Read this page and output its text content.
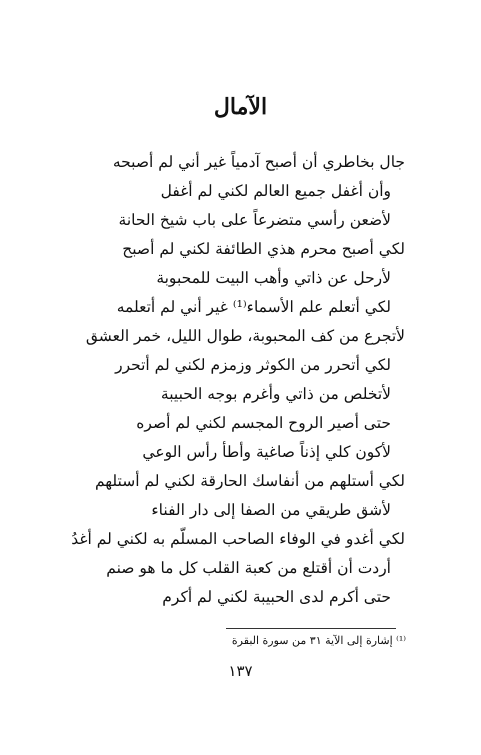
الآمال
جال بخاطري أن أصبح آدمياً غير أني لم أصبحه
وأن أغفل جميع العالم لكني لم أغفل
لأضعن رأسي متضرعاً على باب شيخ الحانة
لكي أصبح محرم هذي الطائفة لكني لم أصبح
لأرحل عن ذاتي وأهب البيت للمحبوبة
لكي أتعلم علم الأسماء⁽¹⁾ غير أني لم أتعلمه
لأتجرع من كف المحبوبة، طوال الليل، خمر العشق
لكي أتحرر من الكوثر وزمزم لكني لم أتحرر
لأتخلص من ذاتي وأغرم بوجه الحبيبة
حتى أصير الروح المجسم لكني لم أصره
لأكون كلي إذناً صاغية وأطأ رأس الوعي
لكي أستلهم من أنفاسك الحارقة لكني لم أستلهم
لأشق طريقي من الصفا إلى دار الفناء
لكي أغدو في الوفاء الصاحب المسلّم به لكني لم أغدُ
أردت أن أقتلع من كعبة القلب كل ما هو صنم
حتى أكرم لدى الحبيبة لكني لم أكرم
⁽¹⁾ إشارة إلى الآية ٣١ من سورة البقرة
١٣٧
